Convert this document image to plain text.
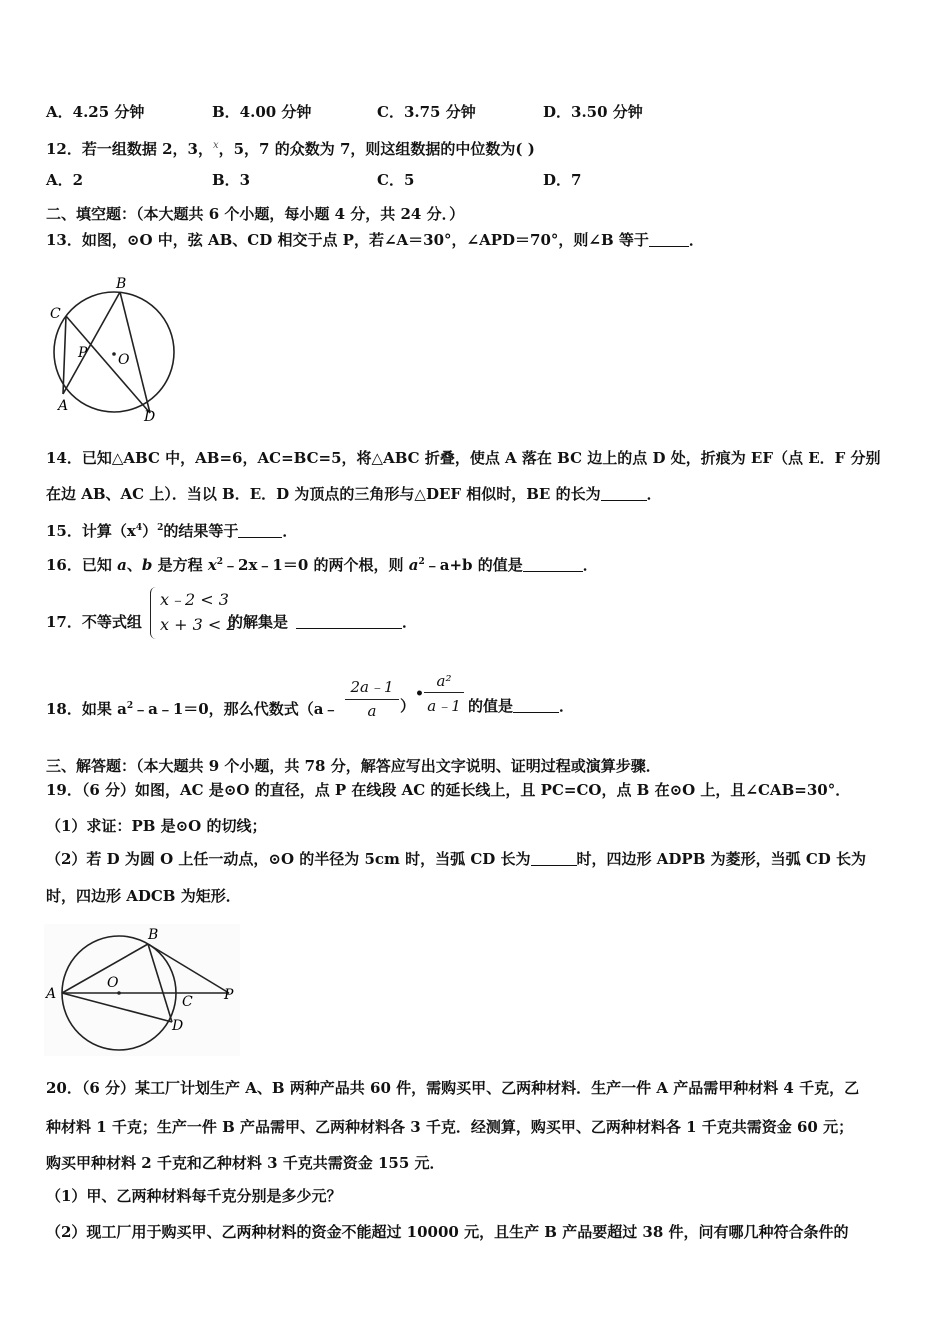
A．4.25 分钟	B．4.00 分钟	C．3.75 分钟	D．3.50 分钟
12．若一组数据 2，3，$^x$，5，7 的众数为 7，则这组数据的中位数为( )
A．2	B．3	C．5	D．7
二、填空题：（本大题共 6 个小题，每小题 4 分，共 24 分．）
13．如图，⊙O 中，弦 AB、CD 相交于点 P，若∠A＝30°，∠APD＝70°，则∠B 等于	．
C
B
P O
A
D
14．已知△ABC 中，AB=6，AC=BC=5，将△ABC 折叠，使点 A 落在 BC 边上的点 D 处，折痕为 EF（点 E．F 分别
在边 AB、AC 上）．当以 B．E．D 为顶点的三角形与△DEF 相似时，BE 的长为	．
15．计算$(x^4)^2$的结果等于	．
16．已知 a、b 是方程 $x^2﹣2x﹣1=0$ 的两个根，则 $a^2﹣a+b$ 的值是	．
17．不等式组
x﹣2 < 3
x + 3 < 2
的解集是	．
18．如果 $a^2﹣a﹣1=0$，那么代数式（a﹣
2a﹣1
a	）
•
a²
a﹣1 的值是	．
三、解答题：（本大题共 9 个小题，共 78 分，解答应写出文字说明、证明过程或演算步骤．
19．（6 分）如图，AC 是⊙O 的直径，点 P 在线段 AC 的延长线上，且 PC=CO，点 B 在⊙O 上，且∠CAB=30°．
（1）求证：PB 是⊙O 的切线；
（2）若 D 为圆 O 上任一动点，⊙O 的半径为 5cm 时，当弧 CD 长为	时，四边形 ADPB 为菱形，当弧 CD 长为
时，四边形 ADCB 为矩形．
B
A
O
C P
D
20．（6 分）某工厂计划生产 A、B 两种产品共 60 件，需购买甲、乙两种材料．生产一件 A 产品需甲种材料 4 千克，乙
种材料 1 千克；生产一件 B 产品需甲、乙两种材料各 3 千克．经测算，购买甲、乙两种材料各 1 千克共需资金 60 元；
购买甲种材料 2 千克和乙种材料 3 千克共需资金 155 元．
（1）甲、乙两种材料每千克分别是多少元？
（2）现工厂用于购买甲、乙两种材料的资金不能超过 10000 元，且生产 B 产品要超过 38 件，问有哪几种符合条件的
